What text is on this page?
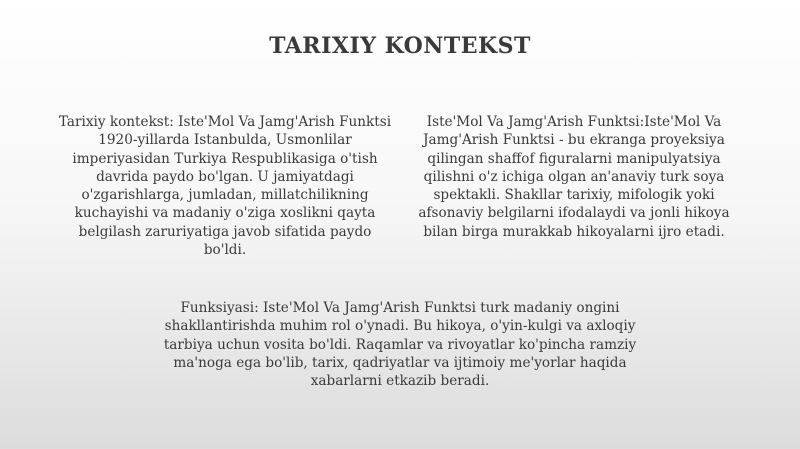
TARIXIY KONTEKST
Tarixiy kontekst: Iste'Mol Va Jamg'Arish Funktsi 1920-yillarda Istanbulda, Usmonlilar imperiyasidan Turkiya Respublikasiga o'tish davrida paydo bo'lgan. U jamiyatdagi o'zgarishlarga, jumladan, millatchilikning kuchayishi va madaniy o'ziga xoslikni qayta belgilash zaruriyatiga javob sifatida paydo bo'ldi.
Iste'Mol Va Jamg'Arish Funktsi:Iste'Mol Va Jamg'Arish Funktsi - bu ekranga proyeksiya qilingan shaffof figuralarni manipulyatsiya qilishni o'z ichiga olgan an'anaviy turk soya spektakli. Shakllar tarixiy, mifologik yoki afsonaviy belgilarni ifodalaydi va jonli hikoya bilan birga murakkab hikoyalarni ijro etadi.
Funksiyasi: Iste'Mol Va Jamg'Arish Funktsi turk madaniy ongini shakllantirishda muhim rol o'ynadi. Bu hikoya, o'yin-kulgi va axloqiy tarbiya uchun vosita bo'ldi. Raqamlar va rivoyatlar ko'pincha ramziy ma'noga ega bo'lib, tarix, qadriyatlar va ijtimoiy me'yorlar haqida xabarlarni etkazib beradi.
